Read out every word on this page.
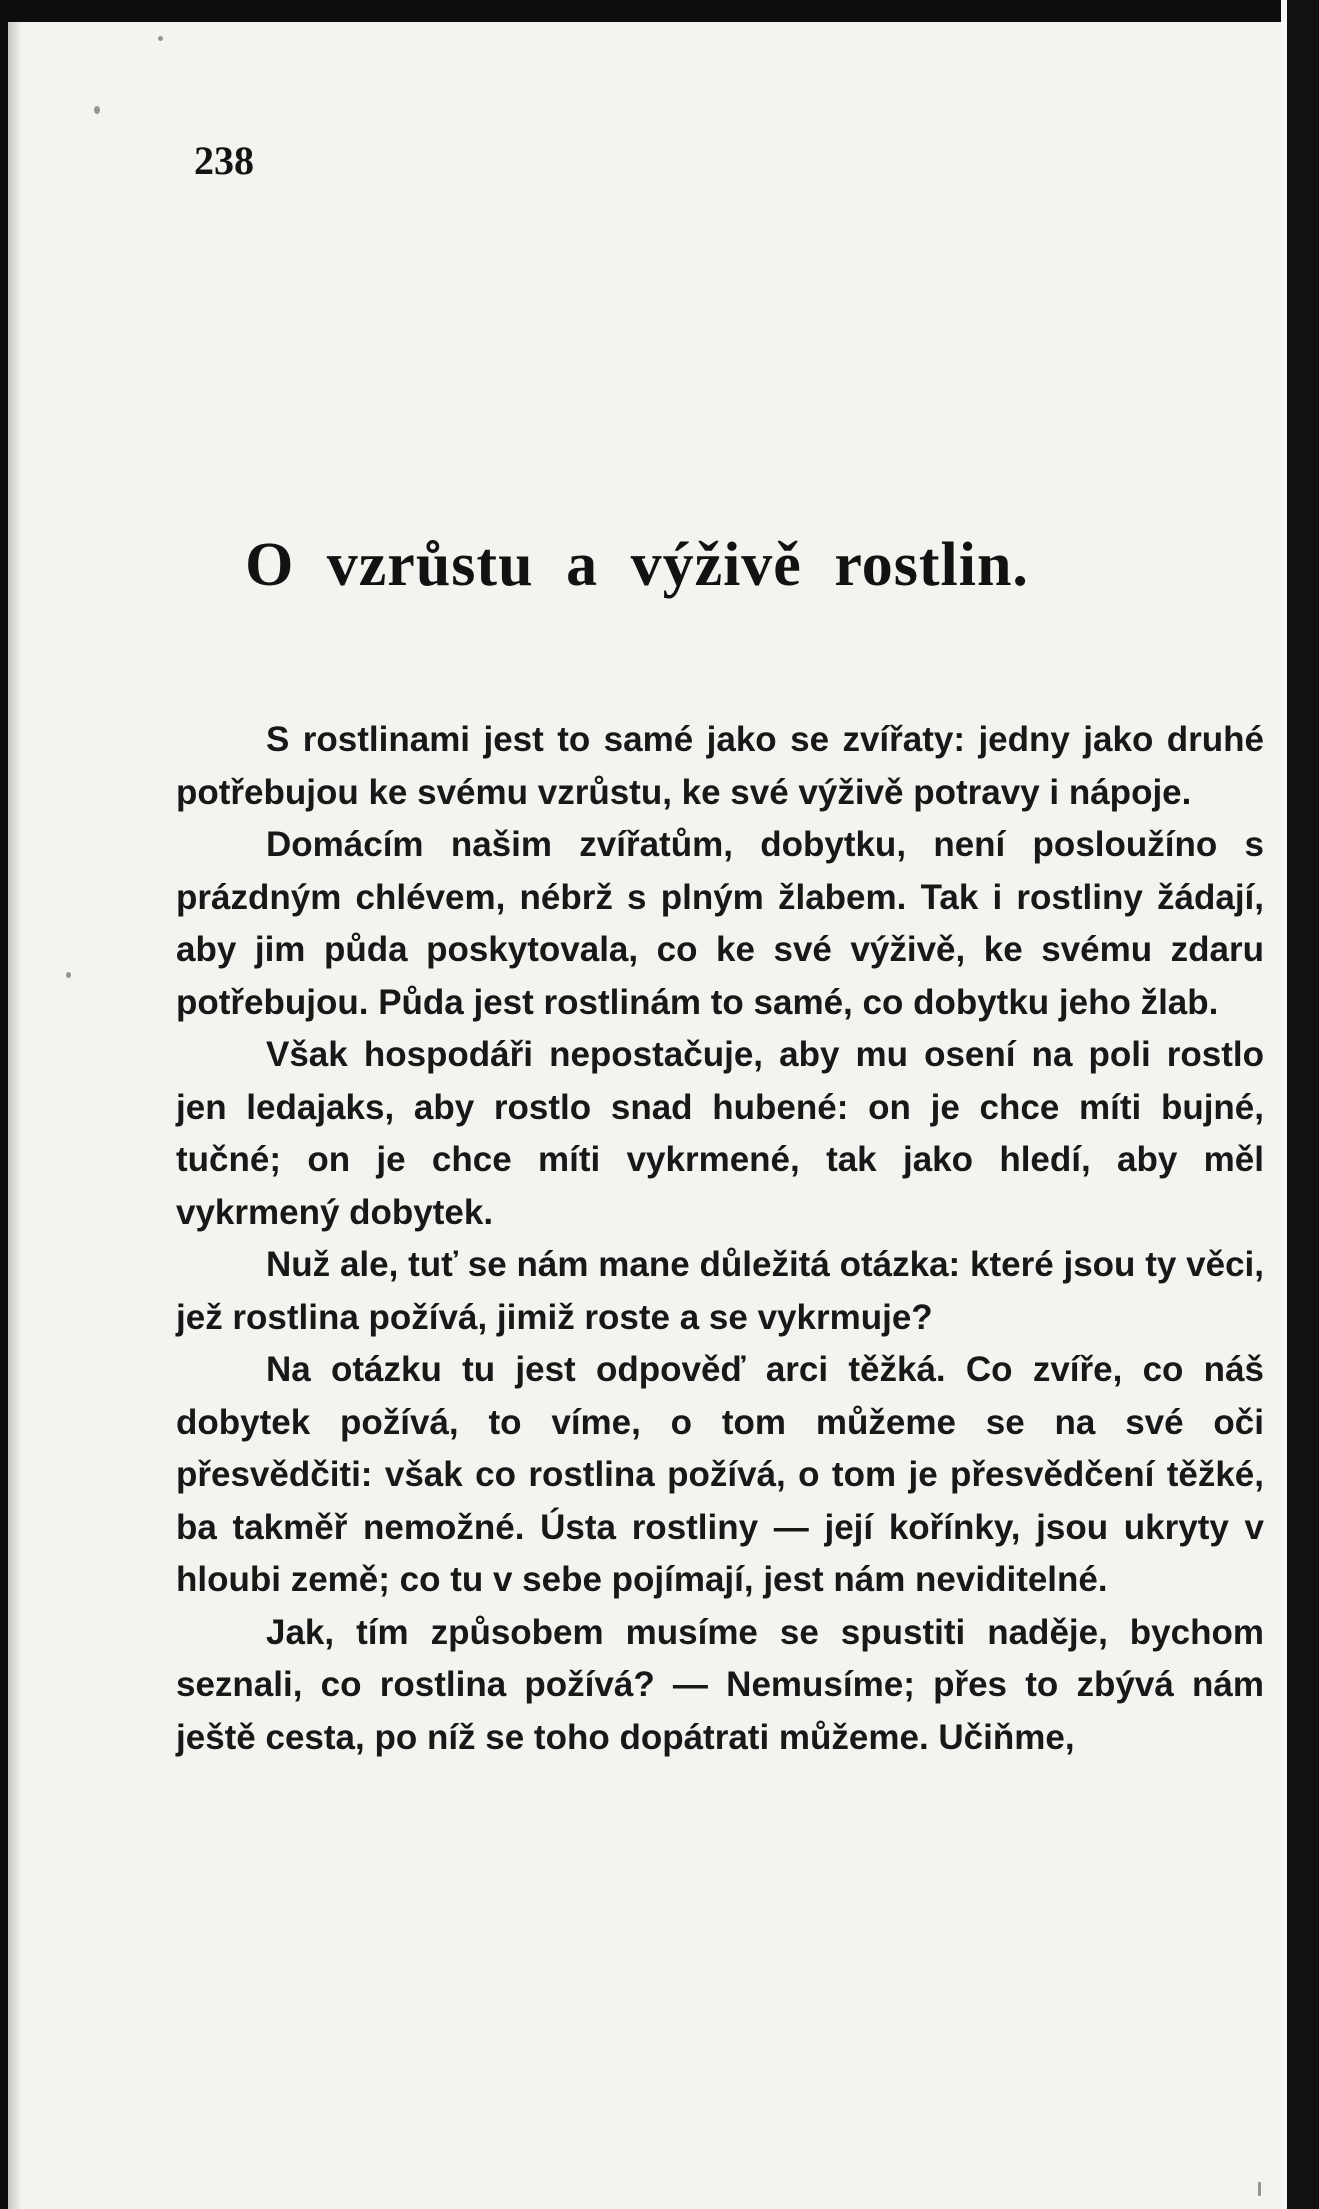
238
O vzrůstu a výživě rostlin.

S rostlinami jest to samé jako se zvířaty: jedny jako druhé potřebujou ke svému vzrůstu, ke své výživě potravy i nápoje.

Domácím našim zvířatům, dobytku, není posloužíno s prázdným chlévem, nébrž s plným žlabem. Tak i rostliny žádají, aby jim půda poskytovala, co ke své výživě, ke svému zdaru potřebujou. Půda jest rostlinám to samé, co dobytku jeho žlab.

Však hospodáři nepostačuje, aby mu osení na poli rostlo jen ledajaks, aby rostlo snad hubené: on je chce míti bujné, tučné; on je chce míti vykrmené, tak jako hledí, aby měl vykrmený dobytek.

Nuž ale, tuť se nám mane důležitá otázka: které jsou ty věci, jež rostlina požívá, jimiž roste a se vykrmuje?

Na otázku tu jest odpověď arci těžká. Co zvíře, co náš dobytek požívá, to víme, o tom můžeme se na své oči přesvědčiti: však co rostlina požívá, o tom je přesvědčení těžké, ba takměř nemožné. Ústa rostliny — její kořínky, jsou ukryty v hloubi země; co tu v sebe pojímají, jest nám neviditelné.

Jak, tím způsobem musíme se spustiti naděje, bychom seznali, co rostlina požívá? — Nemusíme; přes to zbývá nám ještě cesta, po níž se toho dopátrati můžeme. Učiňme,
